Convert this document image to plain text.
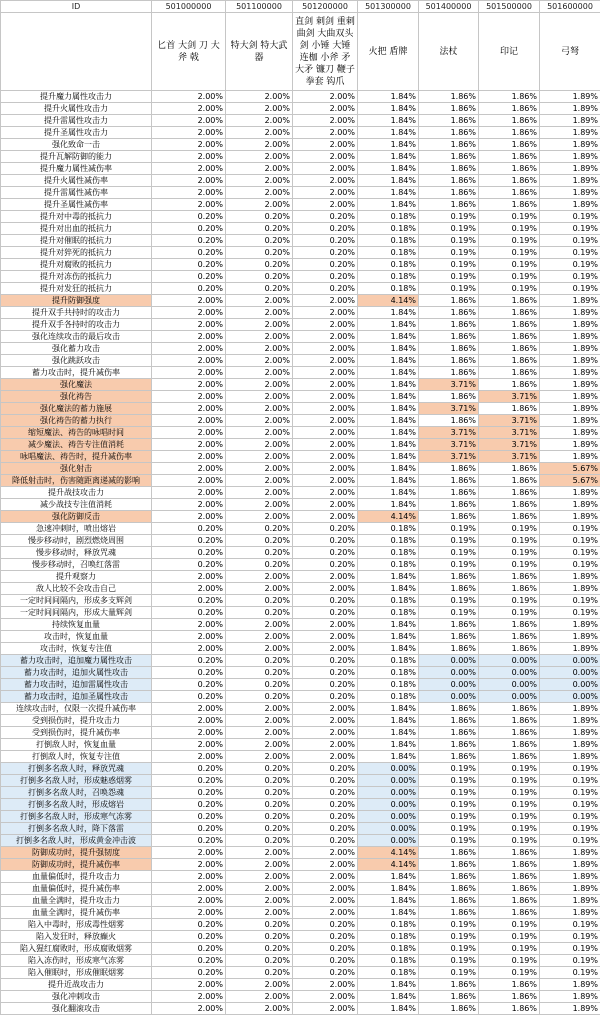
ID	501000000	501100000	501200000	501300000	501400000	501500000	501600000
	匕首 大剑 刀 大斧 戟	特大剑 特大武器	直剑 刺剑 重刺 曲剑 大曲双头剑 小锤 大锤 连枷 小斧 矛 大矛 镰刀 鞭子 拳套 钩爪	火把 盾牌	法杖	印记	弓弩
提升魔力属性攻击力	2.00%	2.00%	2.00%	1.84%	1.86%	1.86%	1.89%
提升火属性攻击力	2.00%	2.00%	2.00%	1.84%	1.86%	1.86%	1.89%
提升雷属性攻击力	2.00%	2.00%	2.00%	1.84%	1.86%	1.86%	1.89%
提升圣属性攻击力	2.00%	2.00%	2.00%	1.84%	1.86%	1.86%	1.89%
强化致命一击	2.00%	2.00%	2.00%	1.84%	1.86%	1.86%	1.89%
提升瓦解防御的能力	2.00%	2.00%	2.00%	1.84%	1.86%	1.86%	1.89%
提升魔力属性减伤率	2.00%	2.00%	2.00%	1.84%	1.86%	1.86%	1.89%
提升火属性减伤率	2.00%	2.00%	2.00%	1.84%	1.86%	1.86%	1.89%
提升雷属性减伤率	2.00%	2.00%	2.00%	1.84%	1.86%	1.86%	1.89%
提升圣属性减伤率	2.00%	2.00%	2.00%	1.84%	1.86%	1.86%	1.89%
提升对中毒的抵抗力	0.20%	0.20%	0.20%	0.18%	0.19%	0.19%	0.19%
提升对出血的抵抗力	0.20%	0.20%	0.20%	0.18%	0.19%	0.19%	0.19%
提升对催眠的抵抗力	0.20%	0.20%	0.20%	0.18%	0.19%	0.19%	0.19%
提升对猝死的抵抗力	0.20%	0.20%	0.20%	0.18%	0.19%	0.19%	0.19%
提升对腐败的抵抗力	0.20%	0.20%	0.20%	0.18%	0.19%	0.19%	0.19%
提升对冻伤的抵抗力	0.20%	0.20%	0.20%	0.18%	0.19%	0.19%	0.19%
提升对发狂的抵抗力	0.20%	0.20%	0.20%	0.18%	0.19%	0.19%	0.19%
提升防御强度	2.00%	2.00%	2.00%	4.14%	1.86%	1.86%	1.89%
提升双手共持时的攻击力	2.00%	2.00%	2.00%	1.84%	1.86%	1.86%	1.89%
提升双手各持时的攻击力	2.00%	2.00%	2.00%	1.84%	1.86%	1.86%	1.89%
强化连续攻击的最后攻击	2.00%	2.00%	2.00%	1.84%	1.86%	1.86%	1.89%
强化蓄力攻击	2.00%	2.00%	2.00%	1.84%	1.86%	1.86%	1.89%
强化跳跃攻击	2.00%	2.00%	2.00%	1.84%	1.86%	1.86%	1.89%
蓄力攻击时，提升减伤率	2.00%	2.00%	2.00%	1.84%	1.86%	1.86%	1.89%
强化魔法	2.00%	2.00%	2.00%	1.84%	3.71%	1.86%	1.89%
强化祷告	2.00%	2.00%	2.00%	1.84%	1.86%	3.71%	1.89%
强化魔法的蓄力施展	2.00%	2.00%	2.00%	1.84%	3.71%	1.86%	1.89%
强化祷告的蓄力执行	2.00%	2.00%	2.00%	1.84%	1.86%	3.71%	1.89%
缩短魔法、祷告的咏唱时间	2.00%	2.00%	2.00%	1.84%	3.71%	3.71%	1.89%
减少魔法、祷告专注值消耗	2.00%	2.00%	2.00%	1.84%	3.71%	3.71%	1.89%
咏唱魔法、祷告时，提升减伤率	2.00%	2.00%	2.00%	1.84%	3.71%	3.71%	1.89%
强化射击	2.00%	2.00%	2.00%	1.84%	1.86%	1.86%	5.67%
降低射击时，伤害随距离递减的影响	2.00%	2.00%	2.00%	1.84%	1.86%	1.86%	5.67%
提升战技攻击力	2.00%	2.00%	2.00%	1.84%	1.86%	1.86%	1.89%
减少战技专注值消耗	2.00%	2.00%	2.00%	1.84%	1.86%	1.86%	1.89%
强化防御反击	2.00%	2.00%	2.00%	4.14%	1.86%	1.86%	1.89%
急速冲刺时，喷出熔岩	0.20%	0.20%	0.20%	0.18%	0.19%	0.19%	0.19%
慢步移动时，剧烈燃烧周围	0.20%	0.20%	0.20%	0.18%	0.19%	0.19%	0.19%
慢步移动时，释放咒魂	0.20%	0.20%	0.20%	0.18%	0.19%	0.19%	0.19%
慢步移动时，召唤红落雷	0.20%	0.20%	0.20%	0.18%	0.19%	0.19%	0.19%
提升观察力	2.00%	2.00%	2.00%	1.84%	1.86%	1.86%	1.89%
敌人比较不会攻击自己	2.00%	2.00%	2.00%	1.84%	1.86%	1.86%	1.89%
一定时间间隔内，形成多支辉剑	0.20%	0.20%	0.20%	0.18%	0.19%	0.19%	0.19%
一定时间间隔内，形成大量辉剑	0.20%	0.20%	0.20%	0.18%	0.19%	0.19%	0.19%
持续恢复血量	2.00%	2.00%	2.00%	1.84%	1.86%	1.86%	1.89%
攻击时，恢复血量	2.00%	2.00%	2.00%	1.84%	1.86%	1.86%	1.89%
攻击时，恢复专注值	2.00%	2.00%	2.00%	1.84%	1.86%	1.86%	1.89%
蓄力攻击时，追加魔力属性攻击	0.20%	0.20%	0.20%	0.18%	0.00%	0.00%	0.00%
蓄力攻击时，追加火属性攻击	0.20%	0.20%	0.20%	0.18%	0.00%	0.00%	0.00%
蓄力攻击时，追加雷属性攻击	0.20%	0.20%	0.20%	0.18%	0.00%	0.00%	0.00%
蓄力攻击时，追加圣属性攻击	0.20%	0.20%	0.20%	0.18%	0.00%	0.00%	0.00%
连续攻击时，仅限一次提升减伤率	2.00%	2.00%	2.00%	1.84%	1.86%	1.86%	1.89%
受到损伤时，提升攻击力	2.00%	2.00%	2.00%	1.84%	1.86%	1.86%	1.89%
受到损伤时，提升减伤率	2.00%	2.00%	2.00%	1.84%	1.86%	1.86%	1.89%
打倒敌人时，恢复血量	2.00%	2.00%	2.00%	1.84%	1.86%	1.86%	1.89%
打倒敌人时，恢复专注值	2.00%	2.00%	2.00%	1.84%	1.86%	1.86%	1.89%
打倒多名敌人时，释放咒魂	0.20%	0.20%	0.20%	0.00%	0.19%	0.19%	0.19%
打倒多名敌人时，形成魅惑烟雾	0.20%	0.20%	0.20%	0.00%	0.19%	0.19%	0.19%
打倒多名敌人时，召唤怨魂	0.20%	0.20%	0.20%	0.00%	0.19%	0.19%	0.19%
打倒多名敌人时，形成熔岩	0.20%	0.20%	0.20%	0.00%	0.19%	0.19%	0.19%
打倒多名敌人时，形成寒气冻雾	0.20%	0.20%	0.20%	0.00%	0.19%	0.19%	0.19%
打倒多名敌人时，降下落雷	0.20%	0.20%	0.20%	0.00%	0.19%	0.19%	0.19%
打倒多名敌人时，形成黄金冲击波	0.20%	0.20%	0.20%	0.00%	0.19%	0.19%	0.19%
防御成功时，提升强韧度	2.00%	2.00%	2.00%	4.14%	1.86%	1.86%	1.89%
防御成功时，提升减伤率	2.00%	2.00%	2.00%	4.14%	1.86%	1.86%	1.89%
血量偏低时，提升攻击力	2.00%	2.00%	2.00%	1.84%	1.86%	1.86%	1.89%
血量偏低时，提升减伤率	2.00%	2.00%	2.00%	1.84%	1.86%	1.86%	1.89%
血量全满时，提升攻击力	2.00%	2.00%	2.00%	1.84%	1.86%	1.86%	1.89%
血量全满时，提升减伤率	2.00%	2.00%	2.00%	1.84%	1.86%	1.86%	1.89%
陷入中毒时，形成毒性烟雾	0.20%	0.20%	0.20%	0.18%	0.19%	0.19%	0.19%
陷入发狂时，释放癫火	0.20%	0.20%	0.20%	0.18%	0.19%	0.19%	0.19%
陷入猩红腐败时，形成腐败烟雾	0.20%	0.20%	0.20%	0.18%	0.19%	0.19%	0.19%
陷入冻伤时，形成寒气冻雾	0.20%	0.20%	0.20%	0.18%	0.19%	0.19%	0.19%
陷入催眠时，形成催眠烟雾	0.20%	0.20%	0.20%	0.18%	0.19%	0.19%	0.19%
提升近战攻击力	2.00%	2.00%	2.00%	1.84%	1.86%	1.86%	1.89%
强化冲刺攻击	2.00%	2.00%	2.00%	1.84%	1.86%	1.86%	1.89%
强化翻滚攻击	2.00%	2.00%	2.00%	1.84%	1.86%	1.86%	1.89%
